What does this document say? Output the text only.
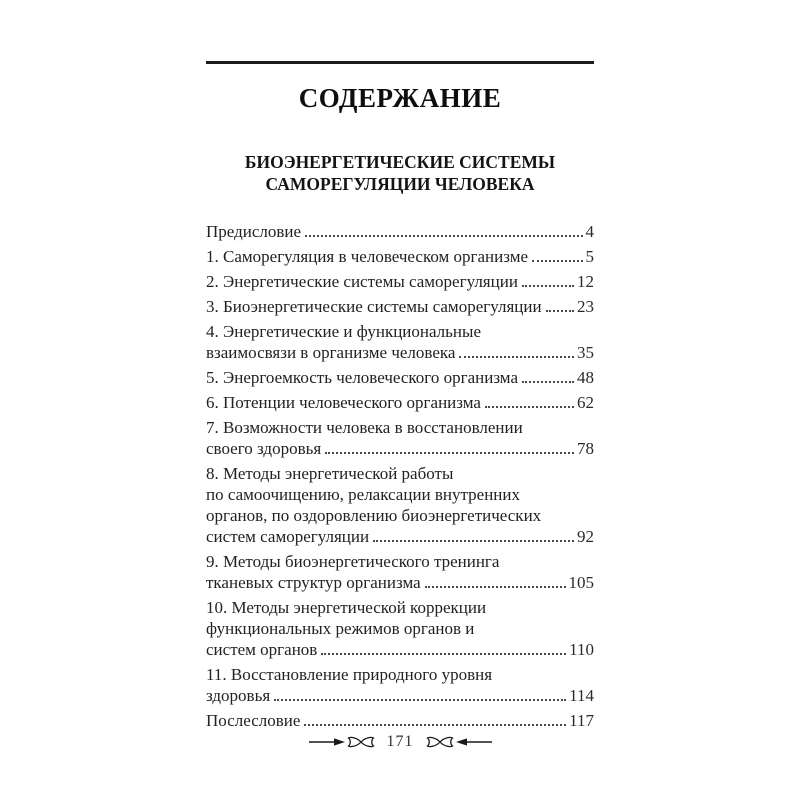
СОДЕРЖАНИЕ
БИОЭНЕРГЕТИЧЕСКИЕ СИСТЕМЫ
САМОРЕГУЛЯЦИИ ЧЕЛОВЕКА
Предисловие	4
1. Саморегуляция в человеческом организме	5
2. Энергетические системы саморегуляции	12
3. Биоэнергетические системы саморегуляции 23
4. Энергетические и функциональные
взаимосвязи в организме человека	35
5. Энергоемкость человеческого организма	48
6. Потенции человеческого организма	62
7. Возможности человека в восстановлении
своего здоровья	78
8. Методы энергетической работы
по самоочищению, релаксации внутренних
органов, по оздоровлению биоэнергетических
систем саморегуляции	92
9. Методы биоэнергетического тренинга
тканевых структур организма	105
10. Методы энергетической коррекции
функциональных режимов органов и
систем органов	110
11. Восстановление природного уровня
здоровья	114
Послесловие	117
171
